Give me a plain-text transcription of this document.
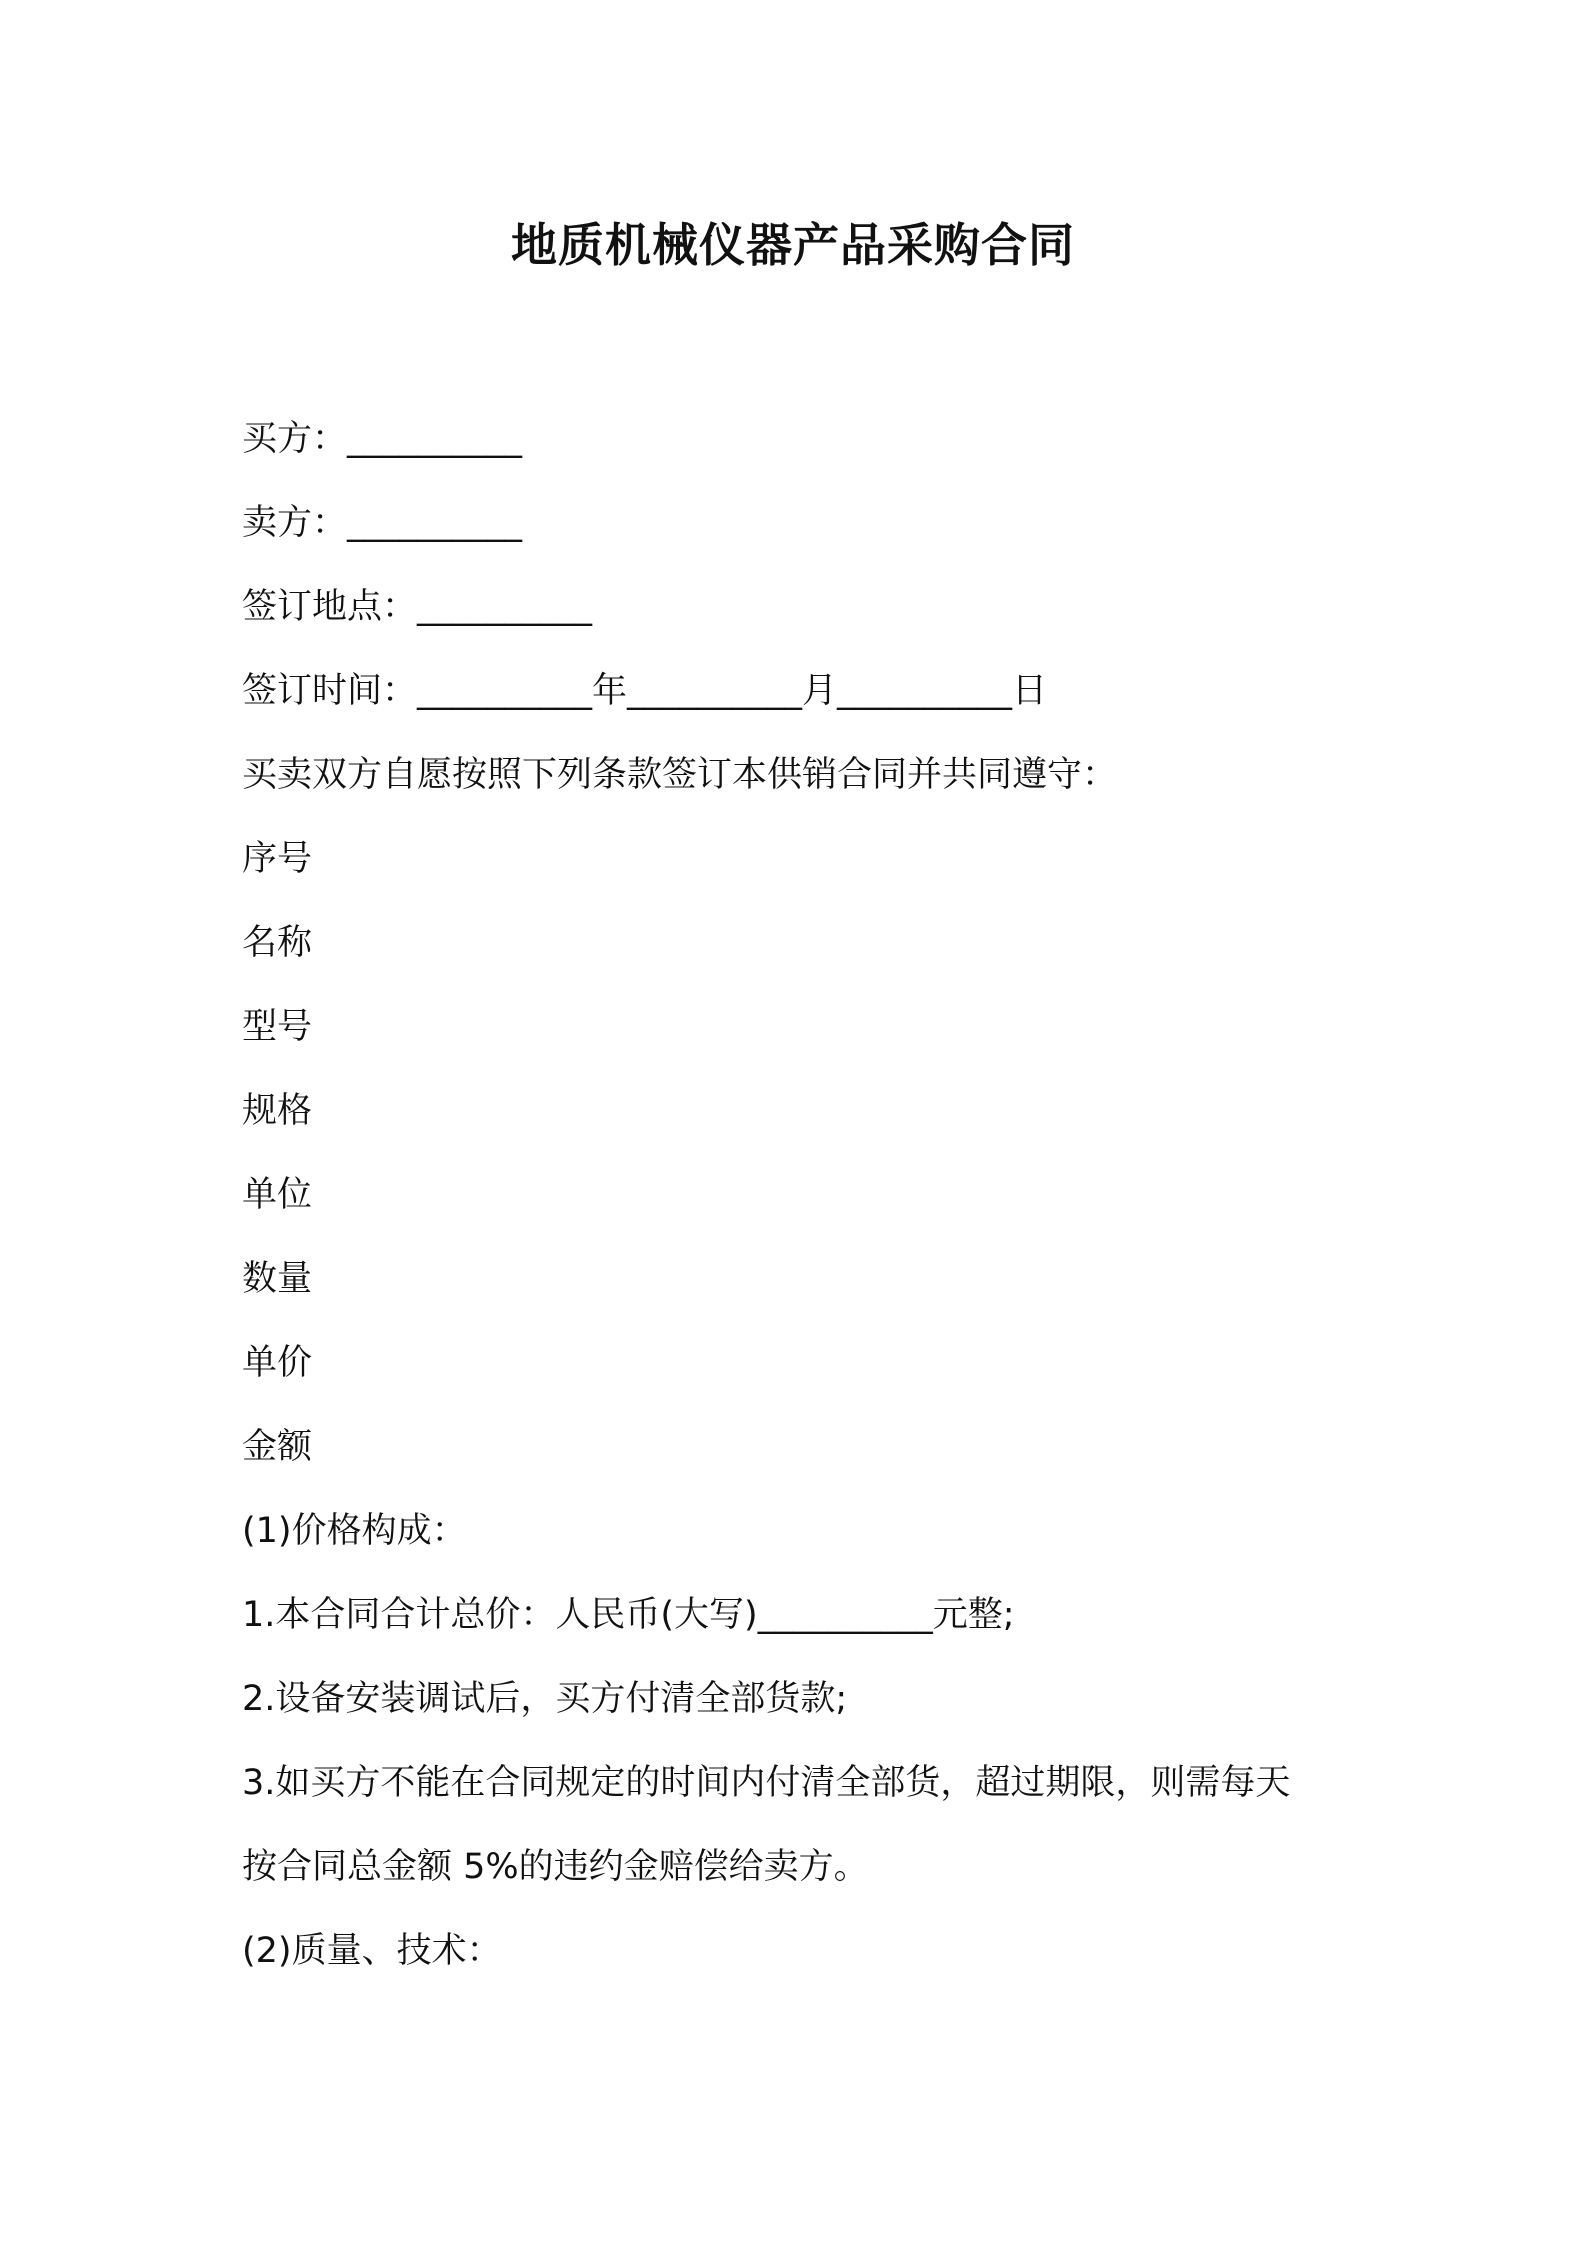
地质机械仪器产品采购合同
买方：__________
卖方：__________
签订地点：__________
签订时间：__________年__________月__________日
买卖双方自愿按照下列条款签订本供销合同并共同遵守：
序号
名称
型号
规格
单位
数量
单价
金额
(1)价格构成：
1.本合同合计总价：人民币(大写)__________元整;
2.设备安装调试后，买方付清全部货款;
3.如买方不能在合同规定的时间内付清全部货，超过期限，则需每天
按合同总金额 5%的违约金赔偿给卖方。
(2)质量、技术：
